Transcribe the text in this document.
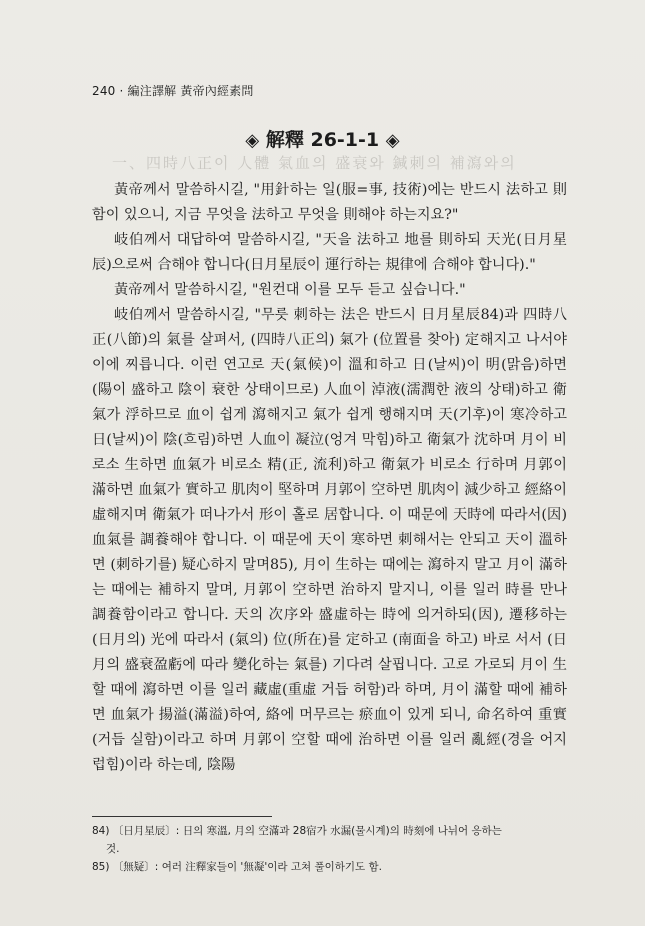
240 · 編注譯解 黃帝內經素問
一、四時八正이 人體 氣血의 盛衰와 鍼刺의 補瀉와의
◈ 解釋 26-1-1 ◈

黃帝께서 말씀하시길, "用針하는 일(服=事, 技術)에는 반드시 法하고 則함이 있으니, 지금 무엇을 法하고 무엇을 則해야 하는지요?"

岐伯께서 대답하여 말씀하시길, "天을 法하고 地를 則하되 天光(日月星辰)으로써 合해야 합니다(日月星辰이 運行하는 規律에 合해야 합니다)."

黃帝께서 말씀하시길, "원컨대 이를 모두 듣고 싶습니다."

岐伯께서 말씀하시길, "무릇 刺하는 法은 반드시 日月星辰84)과 四時八正(八節)의 氣를 살펴서, (四時八正의) 氣가 (位置를 찾아) 定해지고 나서야 이에 찌릅니다. 이런 연고로 天(氣候)이 溫和하고 日(날씨)이 明(맑음)하면 (陽이 盛하고 陰이 衰한 상태이므로) 人血이 淖液(濡潤한 液의 상태)하고 衛氣가 浮하므로 血이 쉽게 瀉해지고 氣가 쉽게 행해지며 天(기후)이 寒冷하고 日(날씨)이 陰(흐림)하면 人血이 凝泣(엉겨 막힘)하고 衛氣가 沈하며 月이 비로소 生하면 血氣가 비로소 精(正, 流利)하고 衛氣가 비로소 行하며 月郭이 滿하면 血氣가 實하고 肌肉이 堅하며 月郭이 空하면 肌肉이 減少하고 經絡이 虛해지며 衛氣가 떠나가서 形이 홀로 居합니다. 이 때문에 天時에 따라서(因) 血氣를 調養해야 합니다. 이 때문에 天이 寒하면 刺해서는 안되고 天이 溫하면 (刺하기를) 疑心하지 말며85), 月이 生하는 때에는 瀉하지 말고 月이 滿하는 때에는 補하지 말며, 月郭이 空하면 治하지 말지니, 이를 일러 時를 만나 調養함이라고 합니다. 天의 次序와 盛虛하는 時에 의거하되(因), 遷移하는 (日月의) 光에 따라서 (氣의) 位(所在)를 定하고 (南面을 하고) 바로 서서 (日月의 盛衰盈虧에 따라 變化하는 氣를) 기다려 살핍니다. 고로 가로되 月이 生할 때에 瀉하면 이를 일러 藏虛(重虛 거듭 허함)라 하며, 月이 滿할 때에 補하면 血氣가 揚溢(滿溢)하여, 絡에 머무르는 瘀血이 있게 되니, 命名하여 重實(거듭 실함)이라고 하며 月郭이 空할 때에 治하면 이를 일러 亂經(경을 어지럽힘)이라 하는데, 陰陽

84) 〔日月星辰〕: 日의 寒溫, 月의 空滿과 28宿가 水漏(물시계)의 時刻에 나뉘어 응하는

것.

85) 〔無疑〕: 여러 注釋家들이 '無凝'이라 고쳐 풀이하기도 함.
